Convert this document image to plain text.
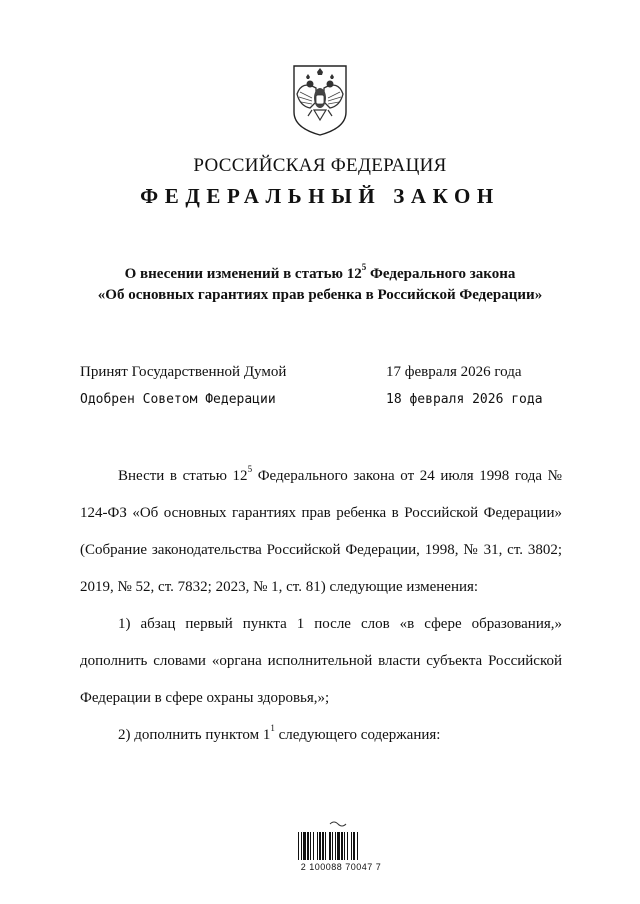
РОССИЙСКАЯ ФЕДЕРАЦИЯ
ФЕДЕРАЛЬНЫЙ ЗАКОН
О внесении изменений в статью $12^5$ Федерального закона
«Об основных гарантиях прав ребенка в Российской Федерации»
Принят Государственной Думой	17 февраля 2026 года
Одобрен Советом Федерации	18 февраля 2026 года

Внести в статью $12^5$ Федерального закона от 24 июля 1998 года № 124-ФЗ «Об основных гарантиях прав ребенка в Российской Федерации» (Собрание законодательства Российской Федерации, 1998, № 31, ст. 3802; 2019, № 52, ст. 7832; 2023, № 1, ст. 81) следующие изменения:

1) абзац первый пункта 1 после слов «в сфере образования,» дополнить словами «органа исполнительной власти субъекта Российской Федерации в сфере охраны здоровья,»;

2) дополнить пунктом $1^1$ следующего содержания:

2 100088 70047 7
